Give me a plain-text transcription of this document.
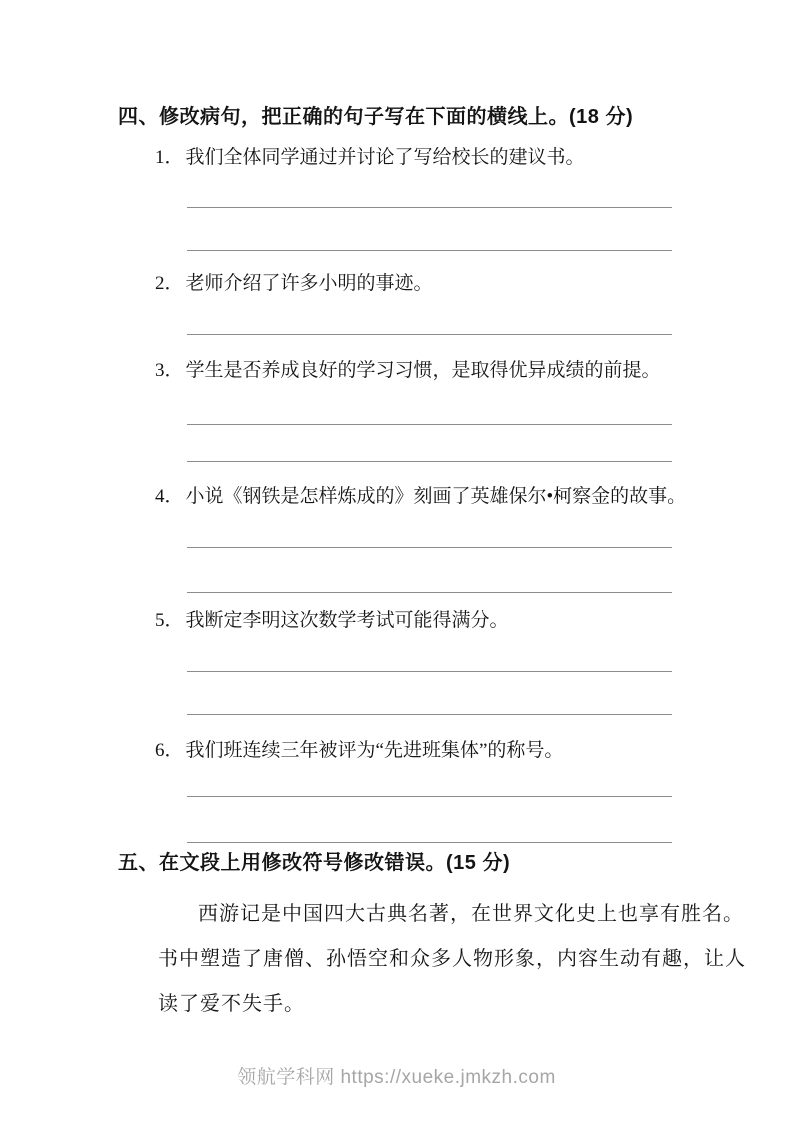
四、修改病句，把正确的句子写在下面的横线上。(18 分)
1． 我们全体同学通过并讨论了写给校长的建议书。
2． 老师介绍了许多小明的事迹。
3． 学生是否养成良好的学习习惯，是取得优异成绩的前提。
4． 小说《钢铁是怎样炼成的》刻画了英雄保尔•柯察金的故事。
5． 我断定李明这次数学考试可能得满分。
6． 我们班连续三年被评为“先进班集体”的称号。
五、在文段上用修改符号修改错误。(15 分)
西游记是中国四大古典名著，在世界文化史上也享有胜名。
书中塑造了唐僧、孙悟空和众多人物形象，内容生动有趣，让人
读了爱不失手。
领航学科网 https://xueke.jmkzh.com
